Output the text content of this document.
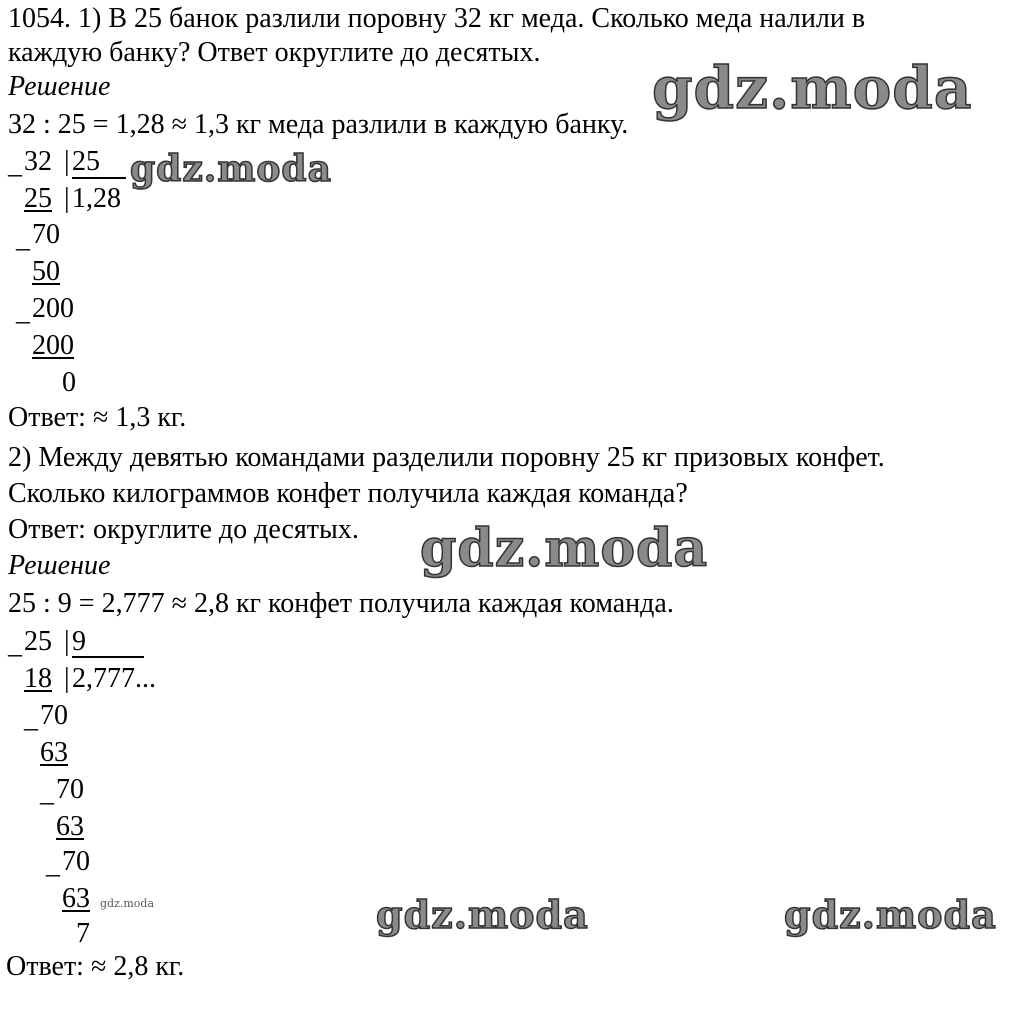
1054. 1) В 25 банок разлили поровну 32 кг меда. Сколько меда налили в
каждую банку? Ответ округлите до десятых.
Решение
32 : 25 = 1,28 ≈ 1,3 кг меда разлили в каждую банку.
_ 32 | 25
25 | 1,28
_ 70
50
_ 200
200
0
Ответ: ≈ 1,3 кг.
2) Между девятью командами разделили поровну 25 кг призовых конфет.
Сколько килограммов конфет получила каждая команда?
Ответ: округлите до десятых.
Решение
25 : 9 = 2,777 ≈ 2,8 кг конфет получила каждая команда.
_ 25 | 9
18 | 2,777...
_ 70
63
_ 70
63
_ 70
63
7
Ответ: ≈ 2,8 кг.
gdz.moda
gdz.moda
gdz.moda
gdz.moda	gdz.moda	gdz.moda
